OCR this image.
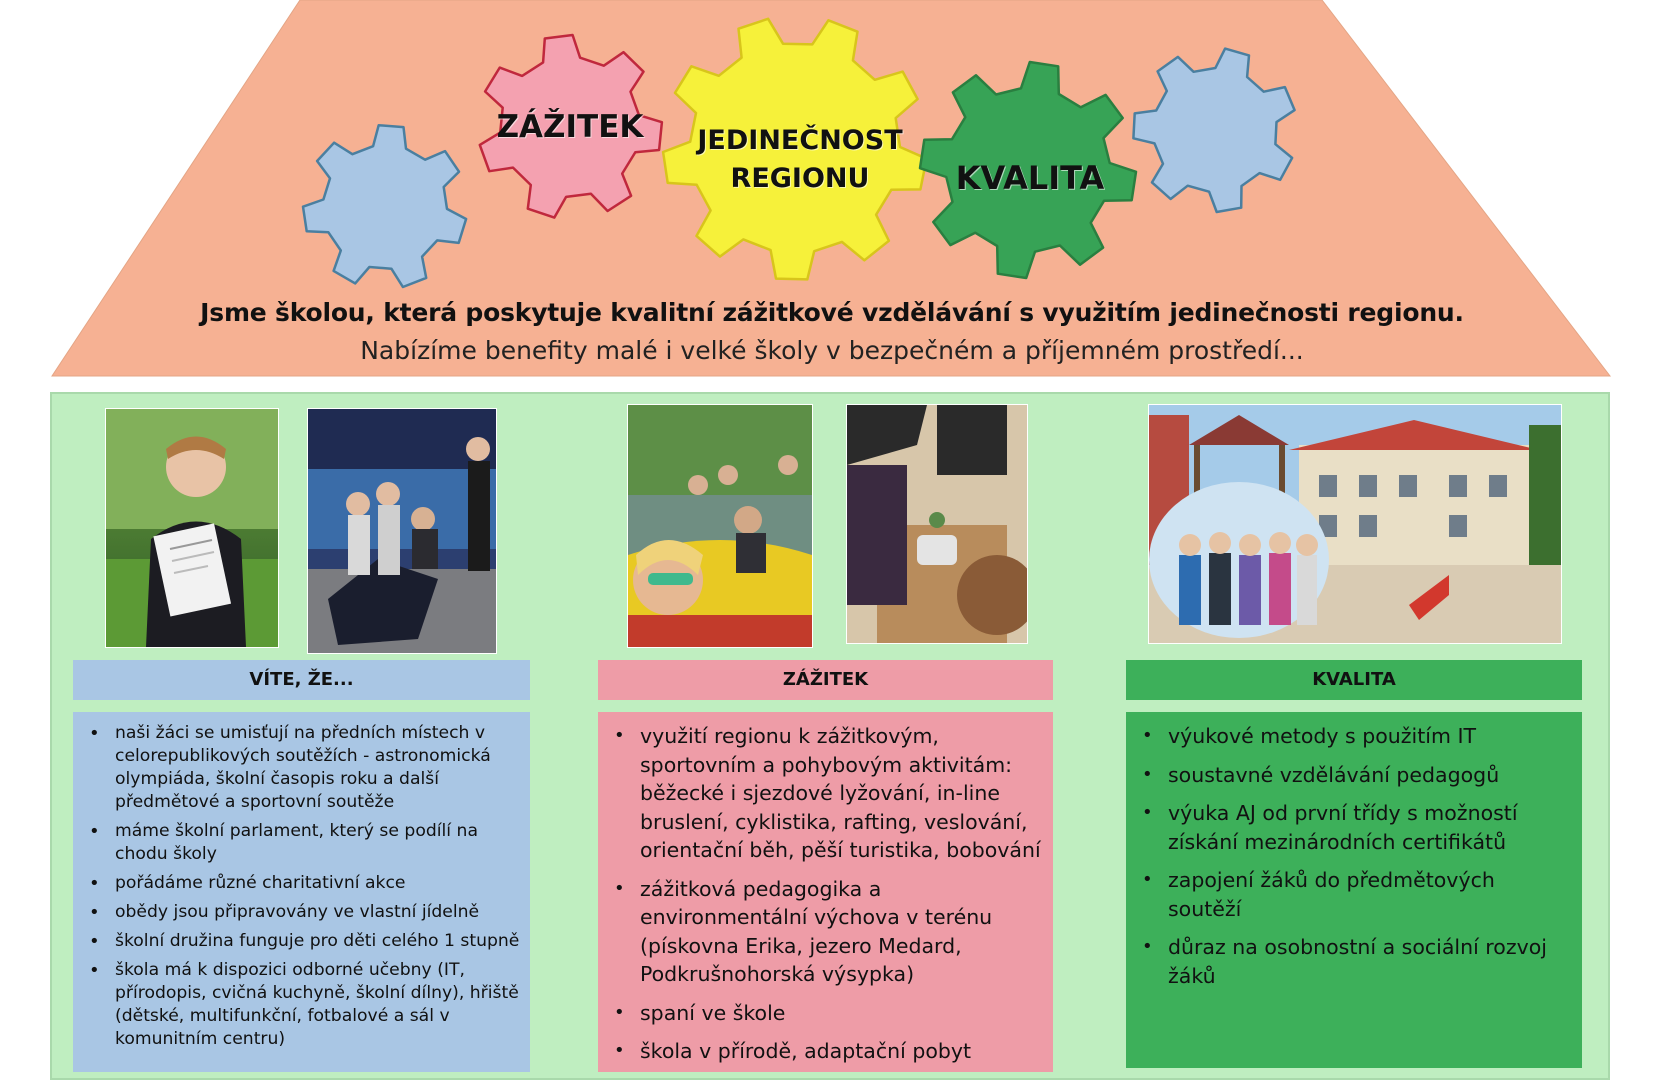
ZÁŽITEK	JEDINEČNOST
REGIONU	KVALITA
Jsme školou, která poskytuje kvalitní zážitkové vzdělávání s využitím jedinečnosti regionu.
Nabízíme benefity malé i velké školy v bezpečném a příjemném prostředí...
VÍTE, ŽE...	ZÁŽITEK	KVALITA
• naši žáci se umisťují na předních místech v celorepublikových soutěžích - astronomická olympiáda, školní časopis roku a další předmětové a sportovní soutěže
• máme školní parlament, který se podílí na chodu školy
• pořádáme různé charitativní akce
• obědy jsou připravovány ve vlastní jídelně
• školní družina funguje pro děti celého 1 stupně
• škola má k dispozici odborné učebny (IT, přírodopis, cvičná kuchyně, školní dílny), hřiště (dětské, multifunkční, fotbalové a sál v komunitním centru)
• využití regionu k zážitkovým, sportovním a pohybovým aktivitám: běžecké i sjezdové lyžování, in-line bruslení, cyklistika, rafting, veslování, orientační běh, pěší turistika, bobování
• zážitková pedagogika a environmentální výchova v terénu (pískovna Erika, jezero Medard, Podkrušnohorská výsypka)
• spaní ve škole
• škola v přírodě, adaptační pobyt
• výukové metody s použitím IT
• soustavné vzdělávání pedagogů
• výuka AJ od první třídy s možností získání mezinárodních certifikátů
• zapojení žáků do předmětových soutěží
• důraz na osobnostní a sociální rozvoj žáků
